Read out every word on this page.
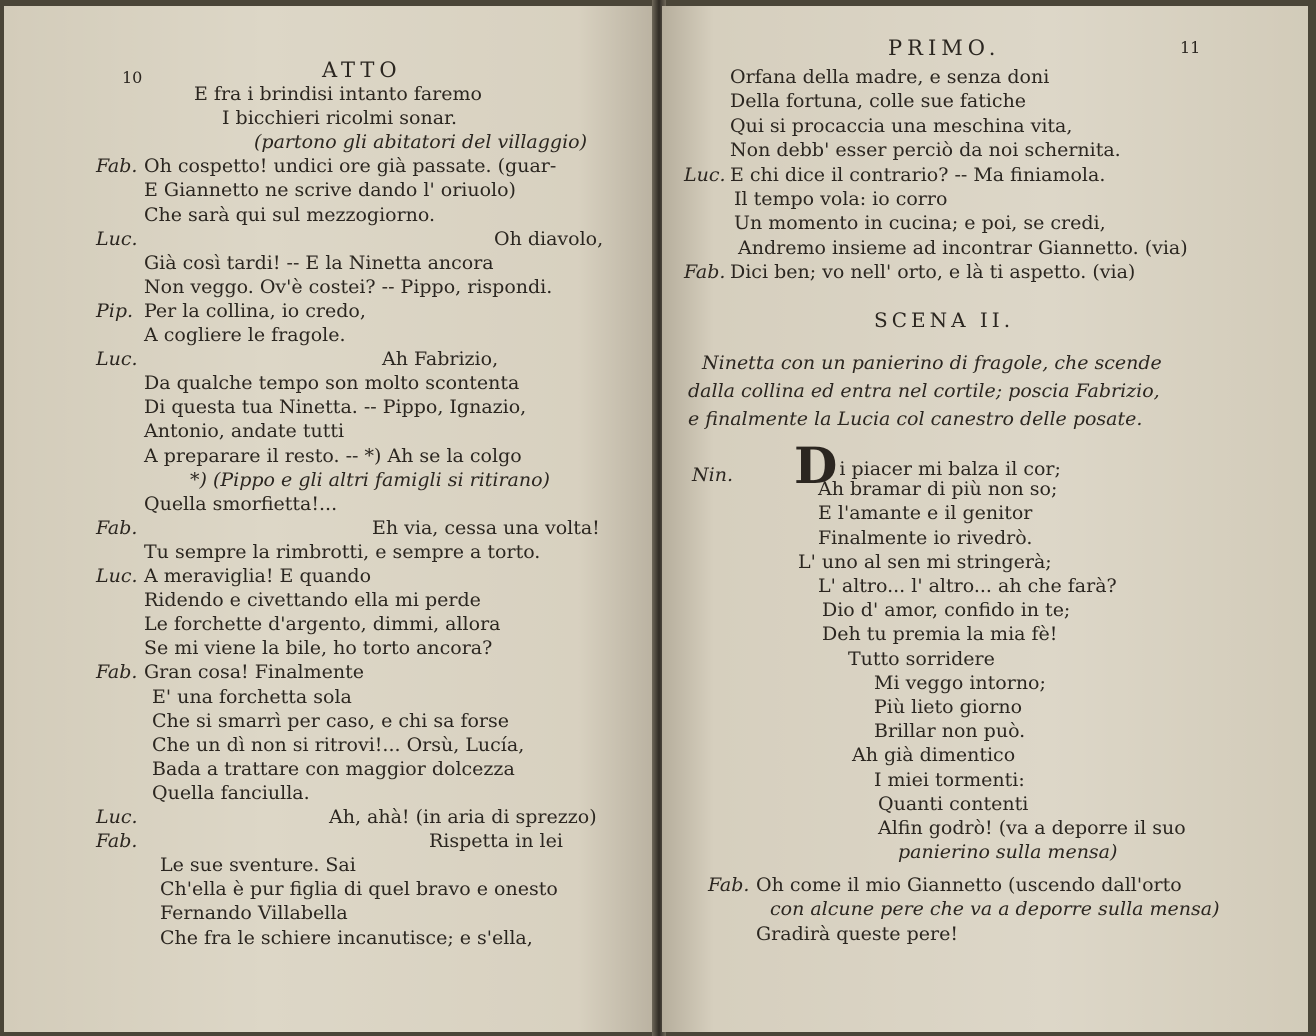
10	ATTO
E fra i brindisi intanto faremo
I bicchieri ricolmi sonar.
(partono gli abitatori del villaggio)
Fab. Oh cospetto! undici ore già passate. (guar-
E Giannetto ne scrive dando l' oriuolo)
Che sarà qui sul mezzogiorno.
Luc.	Oh diavolo,
Già così tardi! -- E la Ninetta ancora
Non veggo. Ov'è costei? -- Pippo, rispondi.
Pip. Per la collina, io credo,
A cogliere le fragole.
Luc.	Ah Fabrizio,
Da qualche tempo son molto scontenta
Di questa tua Ninetta. -- Pippo, Ignazio,
Antonio, andate tutti
A preparare il resto. -- *) Ah se la colgo
*) (Pippo e gli altri famigli si ritirano)
Quella smorfietta!...
Fab.	Eh via, cessa una volta!
Tu sempre la rimbrotti, e sempre a torto.
Luc. A meraviglia! E quando
Ridendo e civettando ella mi perde
Le forchette d'argento, dimmi, allora
Se mi viene la bile, ho torto ancora?
Fab. Gran cosa! Finalmente
E' una forchetta sola
Che si smarrì per caso, e chi sa forse
Che un dì non si ritrovi!... Orsù, Lucía,
Bada a trattare con maggior dolcezza
Quella fanciulla.
Luc.	Ah, ahà! (in aria di sprezzo)
Fab.	Rispetta in lei
Le sue sventure. Sai
Ch'ella è pur figlia di quel bravo e onesto
Fernando Villabella
Che fra le schiere incanutisce; e s'ella,
PRIMO.	11
Orfana della madre, e senza doni
Della fortuna, colle sue fatiche
Qui si procaccia una meschina vita,
Non debb' esser perciò da noi schernita.
Luc. E chi dice il contrario? -- Ma finiamola.
Il tempo vola: io corro
Un momento in cucina; e poi, se credi,
Andremo insieme ad incontrar Giannetto. (via)
Fab. Dici ben; vo nell' orto, e là ti aspetto. (via)
SCENA II.
Ninetta con un panierino di fragole, che scende
dalla collina ed entra nel cortile; poscia Fabrizio,
e finalmente la Lucia col canestro delle posate.
Nin. Di piacer mi balza il cor;
Ah bramar di più non so;
E l'amante e il genitor
Finalmente io rivedrò.
L' uno al sen mi stringerà;
L' altro... l' altro... ah che farà?
Dio d' amor, confido in te;
Deh tu premia la mia fè!
Tutto sorridere
Mi veggo intorno;
Più lieto giorno
Brillar non può.
Ah già dimentico
I miei tormenti:
Quanti contenti
Alfin godrò! (va a deporre il suo
panierino sulla mensa)
Fab. Oh come il mio Giannetto (uscendo dall'orto
con alcune pere che va a deporre sulla mensa)
Gradirà queste pere!
